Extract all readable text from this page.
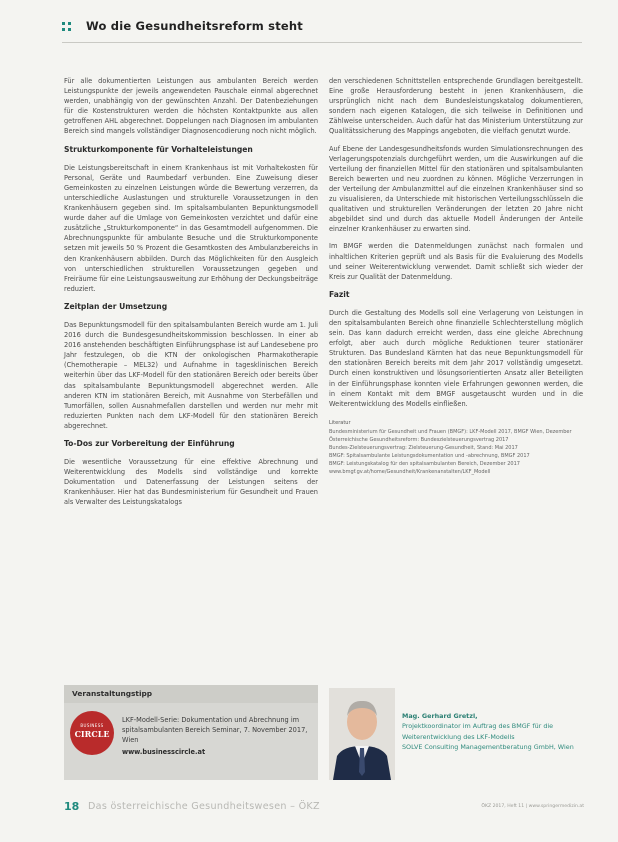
Wo die Gesundheitsreform steht

Für alle dokumentierten Leistungen aus ambulanten Bereich werden Leistungspunkte der jeweils angewendeten Pauschale einmal abgerechnet werden, unabhängig von der gewünschten Anzahl. Der Datenbeziehungen für die Kostenstrukturen werden die höchsten Kontaktpunkte aus allen getroffenen AHL abgerechnet. Doppelungen nach Diagnosen im ambulanten Bereich sind mangels vollständiger Diagnosencodierung noch nicht möglich.

Strukturkomponente für Vorhalteleistungen

Die Leistungsbereitschaft in einem Krankenhaus ist mit Vorhaltekosten für Personal, Geräte und Raumbedarf verbunden. Eine Zuweisung dieser Gemeinkosten zu einzelnen Leistungen würde die Bewertung verzerren, da unterschiedliche Auslastungen und strukturelle Voraussetzungen in den Krankenhäusern gegeben sind. Im spitalsambulanten Bepunktungsmodell wurde daher auf die Umlage von Gemeinkosten verzichtet und dafür eine zusätzliche „Strukturkomponente“ in das Gesamtmodell aufgenommen. Die Abrechnungspunkte für ambulante Besuche und die Strukturkomponente setzen mit jeweils 50 % Prozent die Gesamtkosten des Ambulanzbereichs in den Krankenhäusern abbilden. Durch das Möglichkeiten für den Ausgleich von unterschiedlichen strukturellen Voraussetzungen gegeben und Freiräume für eine Leistungsausweitung zur Erhöhung der Deckungsbeiträge reduziert.

Zeitplan der Umsetzung

Das Bepunktungsmodell für den spitalsambulanten Bereich wurde am 1. Juli 2016 durch die Bundesgesundheitskommission beschlossen. In einer ab 2016 anstehenden beschäftigten Einführungsphase ist auf Landesebene pro Jahr festzulegen, ob die KTN der onkologischen Pharmakotherapie (Chemotherapie – MEL32) und Aufnahme in tagesklinischen Bereich weiterhin über das LKF-Modell für den stationären Bereich oder bereits über das spitalsambulante Bepunktungsmodell abgerechnet werden. Alle anderen KTN im stationären Bereich, mit Ausnahme von Sterbefällen und Tumorfällen, sollen Ausnahmefallen darstellen und werden nur mehr mit reduzierten Punkten nach dem LKF-Modell für den stationären Bereich abgerechnet.

To-Dos zur Vorbereitung der Einführung

Die wesentliche Voraussetzung für eine effektive Abrechnung und Weiterentwicklung des Modells sind vollständige und korrekte Dokumentation und Datenerfassung der Leistungen seitens der Krankenhäuser. Hier hat das Bundesministerium für Gesundheit und Frauen als Verwalter des Leistungskatalogs

den verschiedenen Schnittstellen entsprechende Grundlagen bereitgestellt. Eine große Herausforderung besteht in jenen Krankenhäusern, die ursprünglich nicht nach dem Bundesleistungskatalog dokumentieren, sondern nach eigenen Katalogen, die sich teilweise in Definitionen und Zählweise unterscheiden. Auch dafür hat das Ministerium Unterstützung zur Qualitätssicherung des Mappings angeboten, die vielfach genutzt wurde.

Auf Ebene der Landesgesundheitsfonds wurden Simulationsrechnungen des Verlagerungspotenzials durchgeführt werden, um die Auswirkungen auf die Verteilung der finanziellen Mittel für den stationären und spitalsambulanten Bereich bewerten und neu zuordnen zu können. Mögliche Verzerrungen in der Verteilung der Ambulanzmittel auf die einzelnen Krankenhäuser sind so zu visualisieren, da Unterschiede mit historischen Verteilungsschlüsseln die qualitativen und strukturellen Veränderungen der letzten 20 Jahre nicht abgebildet sind und durch das aktuelle Modell Änderungen der Anteile einzelner Krankenhäuser zu erwarten sind.

Im BMGF werden die Datenmeldungen zunächst nach formalen und inhaltlichen Kriterien geprüft und als Basis für die Evaluierung des Modells und seiner Weiterentwicklung verwendet. Damit schließt sich wieder der Kreis zur Qualität der Datenmeldung.

Fazit

Durch die Gestaltung des Modells soll eine Verlagerung von Leistungen in den spitalsambulanten Bereich ohne finanzielle Schlechterstellung möglich sein. Das kann dadurch erreicht werden, dass eine gleiche Abrechnung erfolgt, aber auch durch mögliche Reduktionen teurer stationärer Strukturen. Das Bundesland Kärnten hat das neue Bepunktungsmodell für den stationären Bereich bereits mit dem Jahr 2017 vollständig umgesetzt. Durch einen konstruktiven und lösungsorientierten Ansatz aller Beteiligten in der Einführungsphase konnten viele Erfahrungen gewonnen werden, die in einem Kontakt mit dem BMGF ausgetauscht wurden und in die Weiterentwicklung des Modells einfließen.

Literatur
Bundesministerium für Gesundheit und Frauen (BMGF): LKF-Modell 2017, BMGF Wien, Dezember
Österreichische Gesundheitsreform: Bundeszielsteuerungsvertrag 2017
Bundes-Zielsteuerungsvertrag: Zielsteuerung-Gesundheit, Stand: Mai 2017
BMGF: Spitalsambulante Leistungsdokumentation und -abrechnung, BMGF 2017
BMGF: Leistungskatalog für den spitalsambulanten Bereich, Dezember 2017
www.bmgf.gv.at/home/Gesundheit/Krankenanstalten/LKF_Modell
Veranstaltungstipp
BUSINESS
CIRCLE
LKF-Modell-Serie: Dokumentation und Abrechnung im spitalsambulanten Bereich Seminar, 7. November 2017, Wien
www.businesscircle.at
Mag. Gerhard Gretzl,
Projektkoordinator im Auftrag des BMGF für die Weiterentwicklung des LKF-Modells
SOLVE Consulting Managementberatung GmbH, Wien
18 Das österreichische Gesundheitswesen – ÖKZ	ÖKZ 2017, Heft 11 | www.springermedizin.at
